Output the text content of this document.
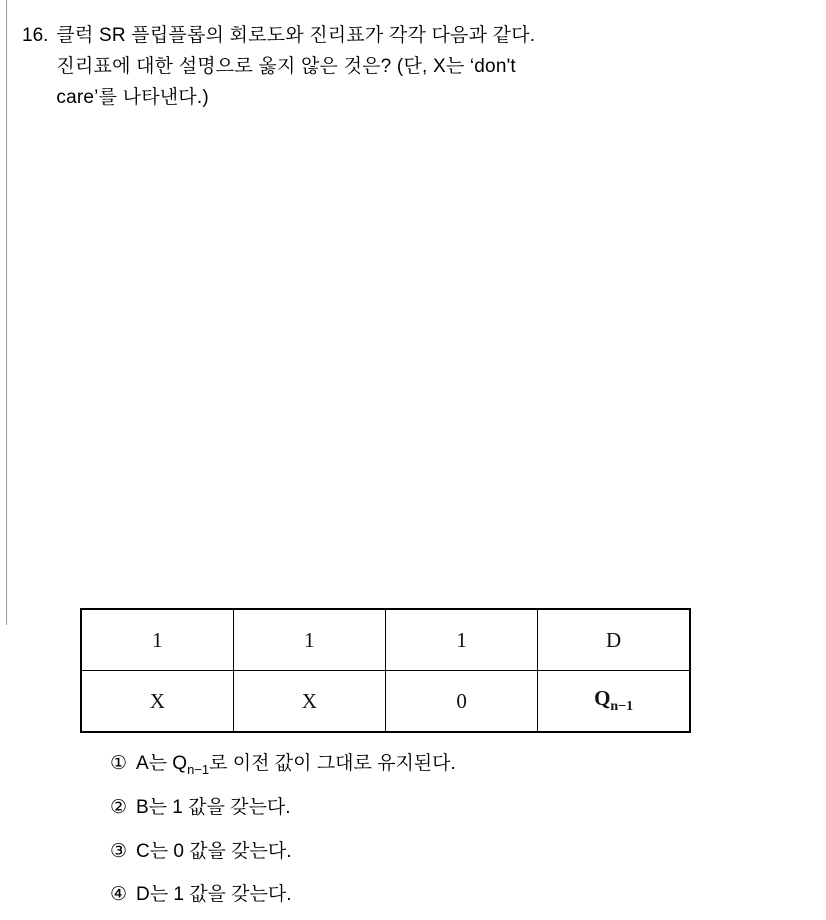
16. 클럭 SR 플립플롭의 회로도와 진리표가 각각 다음과 같다.
진리표에 대한 설명으로 옳지 않은 것은? (단, X는 ‘don't
care’를 나타낸다.)
1	1	1	D
X	X	0	$Q_{n-1}$
① A는 $Q_{n-1}$로 이전 값이 그대로 유지된다.
② B는 1 값을 갖는다.
③ C는 0 값을 갖는다.
④ D는 1 값을 갖는다.
